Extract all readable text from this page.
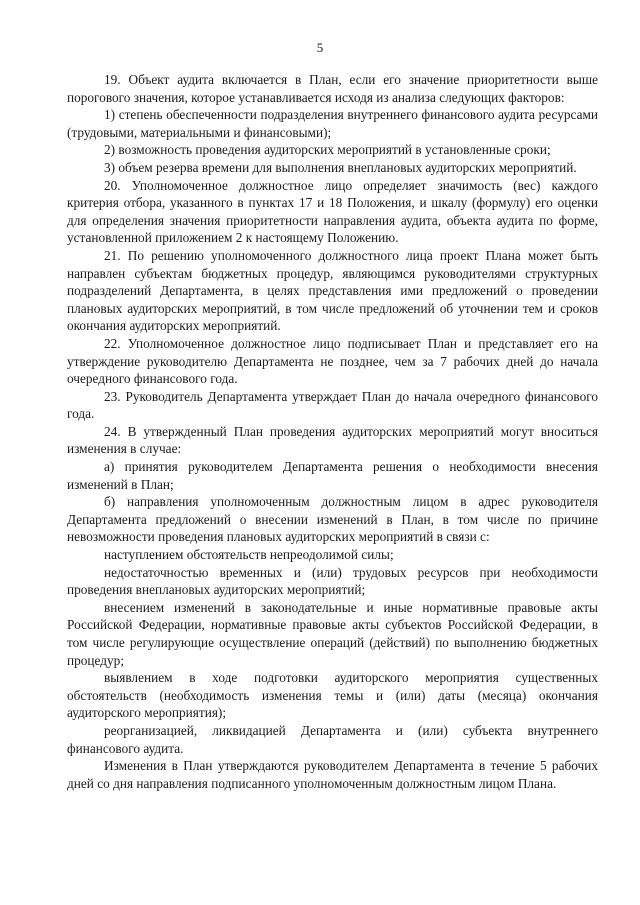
5

19. Объект аудита включается в План, если его значение приоритетности выше порогового значения, которое устанавливается исходя из анализа следующих факторов:

1) степень обеспеченности подразделения внутреннего финансового аудита ресурсами (трудовыми, материальными и финансовыми);

2) возможность проведения аудиторских мероприятий в установленные сроки;

3) объем резерва времени для выполнения внеплановых аудиторских мероприятий.

20. Уполномоченное должностное лицо определяет значимость (вес) каждого критерия отбора, указанного в пунктах 17 и 18 Положения, и шкалу (формулу) его оценки для определения значения приоритетности направления аудита, объекта аудита по форме, установленной приложением 2 к настоящему Положению.

21. По решению уполномоченного должностного лица проект Плана может быть направлен субъектам бюджетных процедур, являющимся руководителями структурных подразделений Департамента, в целях представления ими предложений о проведении плановых аудиторских мероприятий, в том числе предложений об уточнении тем и сроков окончания аудиторских мероприятий.

22. Уполномоченное должностное лицо подписывает План и представляет его на утверждение руководителю Департамента не позднее, чем за 7 рабочих дней до начала очередного финансового года.

23. Руководитель Департамента утверждает План до начала очередного финансового года.

24. В утвержденный План проведения аудиторских мероприятий могут вноситься изменения в случае:

а) принятия руководителем Департамента решения о необходимости внесения изменений в План;

б) направления уполномоченным должностным лицом в адрес руководителя Департамента предложений о внесении изменений в План, в том числе по причине невозможности проведения плановых аудиторских мероприятий в связи с:

наступлением обстоятельств непреодолимой силы;

недостаточностью временных и (или) трудовых ресурсов при необходимости проведения внеплановых аудиторских мероприятий;

внесением изменений в законодательные и иные нормативные правовые акты Российской Федерации, нормативные правовые акты субъектов Российской Федерации, в том числе регулирующие осуществление операций (действий) по выполнению бюджетных процедур;

выявлением в ходе подготовки аудиторского мероприятия существенных обстоятельств (необходимость изменения темы и (или) даты (месяца) окончания аудиторского мероприятия);

реорганизацией, ликвидацией Департамента и (или) субъекта внутреннего финансового аудита.

Изменения в План утверждаются руководителем Департамента в течение 5 рабочих дней со дня направления подписанного уполномоченным должностным лицом Плана.
